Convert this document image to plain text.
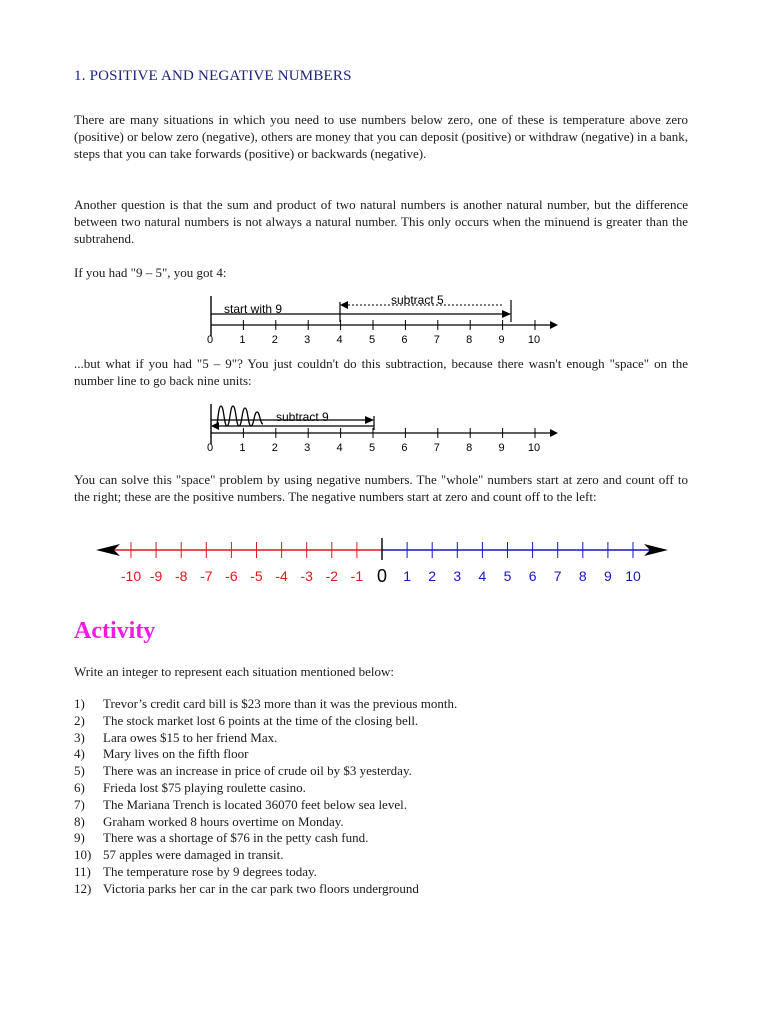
1. POSITIVE AND NEGATIVE NUMBERS

There are many situations in which you need to use numbers below zero, one of these is temperature above zero (positive) or below zero (negative), others are money that you can deposit (positive) or withdraw (negative) in a bank, steps that you can take forwards (positive) or backwards (negative).

Another question is that the sum and product of two natural numbers is another natural number, but the difference between two natural numbers is not always a natural number. This only occurs when the minuend is greater than the subtrahend.

If you had "9 – 5", you got 4:

...but what if you had "5 – 9"? You just couldn't do this subtraction, because there wasn't enough "space" on the number line to go back nine units:

You can solve this "space" problem by using negative numbers. The "whole" numbers start at zero and count off to the right; these are the positive numbers. The negative numbers start at zero and count off to the left:

Activity

Write an integer to represent each situation mentioned below:

1)	Trevor’s credit card bill is $23 more than it was the previous month.
2)	The stock market lost 6 points at the time of the closing bell.
3)	Lara owes $15 to her friend Max.
4)	Mary lives on the fifth floor
5)	There was an increase in price of crude oil by $3 yesterday.
6)	Frieda lost $75 playing roulette casino.
7)	The Mariana Trench is located 36070 feet below sea level.
8)	Graham worked 8 hours overtime on Monday.
9)	There was a shortage of $76 in the petty cash fund.
10) 57 apples were damaged in transit.
11) The temperature rose by 9 degrees today.
12) Victoria parks her car in the car park two floors underground
0 1 2 3 4 5 6 7 8 9 10
start with 9
subtract 5
0 1 2 3 4 5 6 7 8 9 10
subtract 9
-10 -9 -8 -7 -6 -5 -4 -3 -2 -1 0 1 2 3 4 5 6 7 8 9 10
